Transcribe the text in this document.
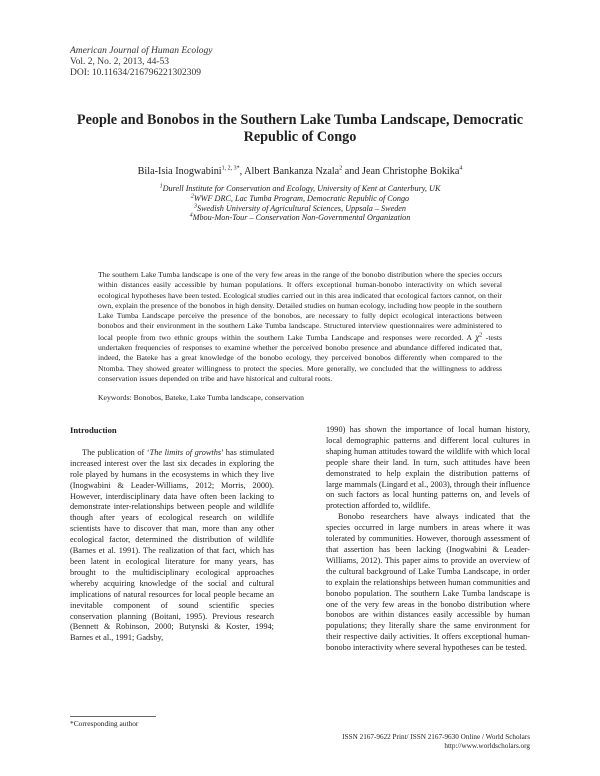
American Journal of Human Ecology
Vol. 2, No. 2, 2013, 44-53
DOI: 10.11634/216796221302309
People and Bonobos in the Southern Lake Tumba Landscape, Democratic Republic of Congo
Bila-Isia Inogwabini$^{1, 2, 3*}$, Albert Bankanza Nzala$^2$ and Jean Christophe Bokika$^4$
$^1$Durell Institute for Conservation and Ecology, University of Kent at Canterbury, UK
$^2$WWF DRC, Lac Tumba Program, Democratic Republic of Congo
$^3$Swedish University of Agricultural Sciences, Uppsala – Sweden
$^4$Mbou-Mon-Tour – Conservation Non-Governmental Organization
The southern Lake Tumba landscape is one of the very few areas in the range of the bonobo distribution where the species occurs within distances easily accessible by human populations. It offers exceptional human-bonobo interactivity on which several ecological hypotheses have been tested. Ecological studies carried out in this area indicated that ecological factors cannot, on their own, explain the presence of the bonobos in high density. Detailed studies on human ecology, including how people in the southern Lake Tumba Landscape perceive the presence of the bonobos, are necessary to fully depict ecological interactions between bonobos and their environment in the southern Lake Tumba landscape. Structured interview questionnaires were administered to local people from two ethnic groups within the southern Lake Tumba Landscape and responses were recorded. A $\chi^2$ -tests undertaken frequencies of responses to examine whether the perceived bonobo presence and abundance differed indicated that, indeed, the Bateke has a great knowledge of the bonobo ecology, they perceived bonobos differently when compared to the Ntomba. They showed greater willingness to protect the species. More generally, we concluded that the willingness to address conservation issues depended on tribe and have historical and cultural roots.
Keywords: Bonobos, Bateke, Lake Tumba landscape, conservation
Introduction

The publication of ‘The limits of growths’ has stimulated increased interest over the last six decades in exploring the role played by humans in the ecosystems in which they live (Inogwabini & Leader-Williams, 2012; Morris, 2000). However, interdisciplinary data have often been lacking to demonstrate inter-relationships between people and wildlife though after years of ecological research on wildlife scientists have to discover that man, more than any other ecological factor, determined the distribution of wildlife (Barnes et al. 1991). The realization of that fact, which has been latent in ecological literature for many years, has brought to the multidisciplinary ecological approaches whereby acquiring knowledge of the social and cultural implications of natural resources for local people became an inevitable component of sound scientific species conservation planning (Boitani, 1995). Previous research (Bennett & Robinson, 2000; Butynski & Koster, 1994; Barnes et al., 1991; Gadsby,

1990) has shown the importance of local human history, local demographic patterns and different local cultures in shaping human attitudes toward the wildlife with which local people share their land. In turn, such attitudes have been demonstrated to help explain the distribution patterns of large mammals (Lingard et al., 2003), through their influence on such factors as local hunting patterns on, and levels of protection afforded to, wildlife.

Bonobo researchers have always indicated that the species occurred in large numbers in areas where it was tolerated by communities. However, thorough assessment of that assertion has been lacking (Inogwabini & Leader-Williams, 2012). This paper aims to provide an overview of the cultural background of Lake Tumba Landscape, in order to explain the relationships between human communities and bonobo population. The southern Lake Tumba landscape is one of the very few areas in the bonobo distribution where bonobos are within distances easily accessible by human populations; they literally share the same environment for their respective daily activities. It offers exceptional human-bonobo interactivity where several hypotheses can be tested.

*Corresponding author
ISSN 2167-9622 Print/ ISSN 2167-9630 Online / World Scholars
http://www.worldscholars.org
